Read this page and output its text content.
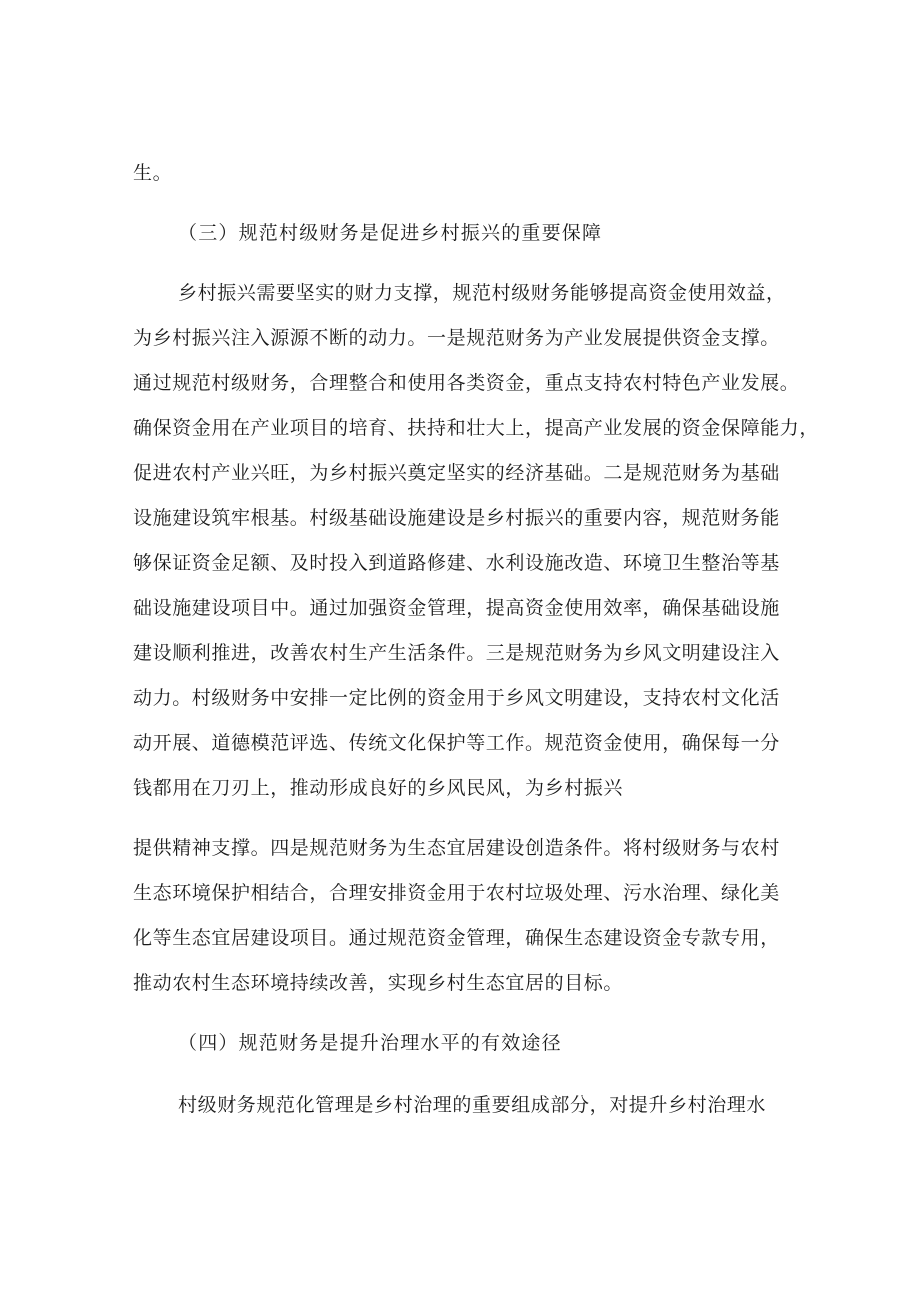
生。
（三）规范村级财务是促进乡村振兴的重要保障
乡村振兴需要坚实的财力支撑，规范村级财务能够提高资金使用效益，
为乡村振兴注入源源不断的动力。一是规范财务为产业发展提供资金支撑。
通过规范村级财务，合理整合和使用各类资金，重点支持农村特色产业发展。
确保资金用在产业项目的培育、扶持和壮大上，提高产业发展的资金保障能力，
促进农村产业兴旺，为乡村振兴奠定坚实的经济基础。二是规范财务为基础
设施建设筑牢根基。村级基础设施建设是乡村振兴的重要内容，规范财务能
够保证资金足额、及时投入到道路修建、水利设施改造、环境卫生整治等基
础设施建设项目中。通过加强资金管理，提高资金使用效率，确保基础设施
建设顺利推进，改善农村生产生活条件。三是规范财务为乡风文明建设注入
动力。村级财务中安排一定比例的资金用于乡风文明建设，支持农村文化活
动开展、道德模范评选、传统文化保护等工作。规范资金使用，确保每一分
钱都用在刀刃上，推动形成良好的乡风民风，为乡村振兴
提供精神支撑。四是规范财务为生态宜居建设创造条件。将村级财务与农村
生态环境保护相结合，合理安排资金用于农村垃圾处理、污水治理、绿化美
化等生态宜居建设项目。通过规范资金管理，确保生态建设资金专款专用，
推动农村生态环境持续改善，实现乡村生态宜居的目标。
（四）规范财务是提升治理水平的有效途径
村级财务规范化管理是乡村治理的重要组成部分，对提升乡村治理水
